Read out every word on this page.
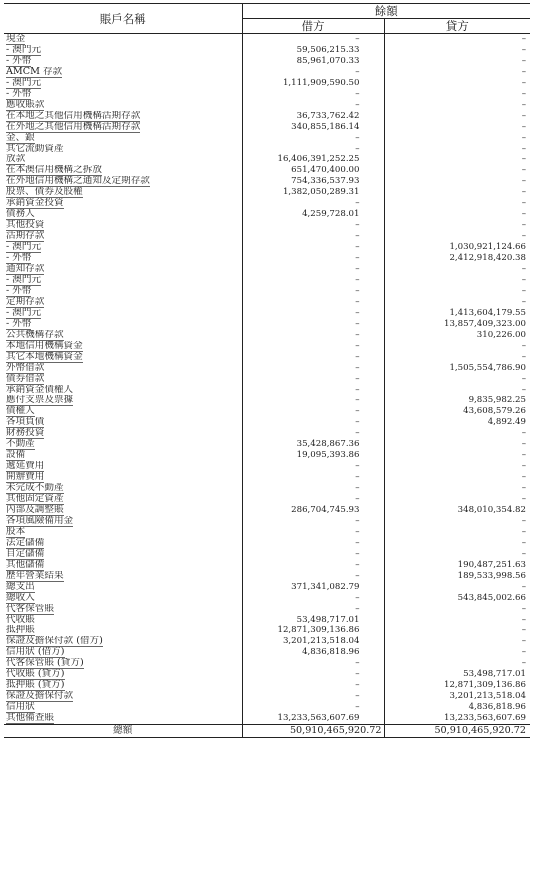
賬戶名稱	餘額	
	借方	貸方
現金	–	–
- 澳門元	59,506,215.33	–
- 外幣	85,961,070.33	–
AMCM 存款	–	–
- 澳門元	1,111,909,590.50	–
- 外幣	–	–
應收賬款	–	–
在本地之其他信用機構活期存款	36,733,762.42	–
在外地之其他信用機構活期存款	340,855,186.14	–
金、銀	–	–
其它流動資產	–	–
放款	16,406,391,252.25	–
在本澳信用機構之拆放	651,470,400.00	–
在外地信用機構之通知及定期存款	754,336,537.93	–
股票、債券及股權	1,382,050,289.31	–
承銷資金投資	–	–
債務人	4,259,728.01	–
其他投資	–	–
活期存款	–	–
- 澳門元	–	1,030,921,124.66
- 外幣	–	2,412,918,420.38
通知存款	–	–
- 澳門元	–	–
- 外幣	–	–
定期存款	–	–
- 澳門元	–	1,413,604,179.55
- 外幣	–	13,857,409,323.00
公共機構存款	–	310,226.00
本地信用機構資金	–	–
其它本地機構資金	–	–
外幣借款	–	1,505,554,786.90
債券借款	–	–
承銷資金債權人	–	–
應付支票及票據	–	9,835,982.25
債權人	–	43,608,579.26
各項負債	–	4,892.49
財務投資	–	–
不動產	35,428,867.36	–
設備	19,095,393.86	–
遞延費用	–	–
開辦費用	–	–
未完成不動產	–	–
其他固定資產	–	–
內部及調整賬	286,704,745.93	348,010,354.82
各項風險備用金	–	–
股本	–	–
法定儲備	–	–
自定儲備	–	–
其他儲備	–	190,487,251.63
歷年營業結果	–	189,533,998.56
總支出	371,341,082.79	–
總收入	–	543,845,002.66
代客保管賬	–	–
代收賬	53,498,717.01	–
抵押賬	12,871,309,136.86	–
保證及擔保付款 (借方)	3,201,213,518.04	–
信用狀 (借方)	4,836,818.96	–
代客保管賬 (貸方)	–	–
代收賬 (貸方)	–	53,498,717.01
抵押賬 (貸方)	–	12,871,309,136.86
保證及擔保付款	–	3,201,213,518.04
信用狀	–	4,836,818.96
其他備查賬	13,233,563,607.69	13,233,563,607.69
總額	50,910,465,920.72	50,910,465,920.72
